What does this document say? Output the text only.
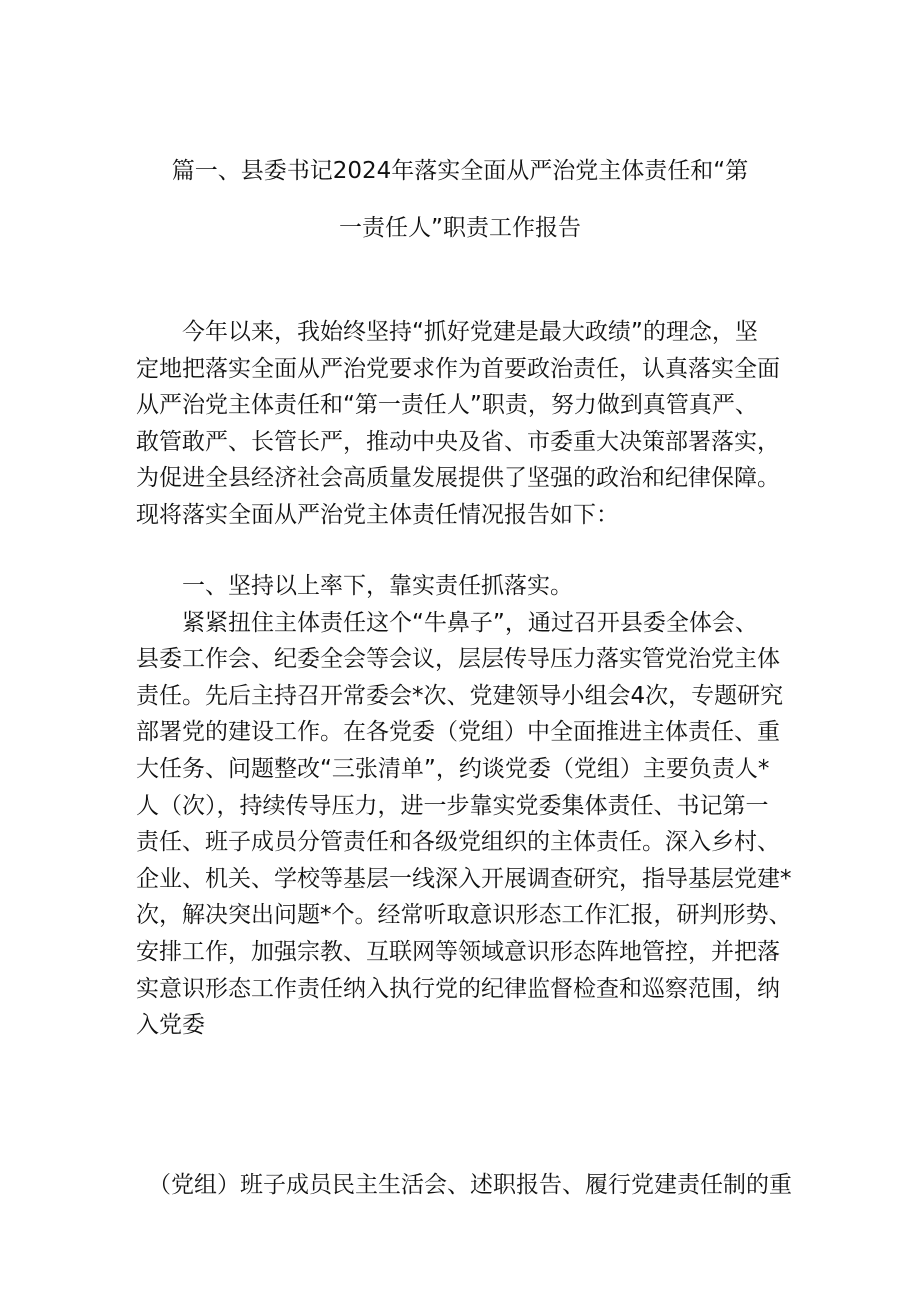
篇一、县委书记2024年落实全面从严治党主体责任和“第
一责任人”职责工作报告
今年以来，我始终坚持“抓好党建是最大政绩”的理念，坚
定地把落实全面从严治党要求作为首要政治责任，认真落实全面
从严治党主体责任和“第一责任人”职责，努力做到真管真严、
敢管敢严、长管长严，推动中央及省、市委重大决策部署落实，
为促进全县经济社会高质量发展提供了坚强的政治和纪律保障。
现将落实全面从严治党主体责任情况报告如下：
一、坚持以上率下，靠实责任抓落实。
紧紧扭住主体责任这个“牛鼻子”，通过召开县委全体会、
县委工作会、纪委全会等会议，层层传导压力落实管党治党主体
责任。先后主持召开常委会*次、党建领导小组会4次，专题研究
部署党的建设工作。在各党委（党组）中全面推进主体责任、重
大任务、问题整改“三张清单”，约谈党委（党组）主要负责人*
人（次），持续传导压力，进一步靠实党委集体责任、书记第一
责任、班子成员分管责任和各级党组织的主体责任。深入乡村、
企业、机关、学校等基层一线深入开展调查研究，指导基层党建*
次，解决突出问题*个。经常听取意识形态工作汇报，研判形势、
安排工作，加强宗教、互联网等领域意识形态阵地管控，并把落
实意识形态工作责任纳入执行党的纪律监督检查和巡察范围，纳
入党委
（党组）班子成员民主生活会、述职报告、履行党建责任制的重
